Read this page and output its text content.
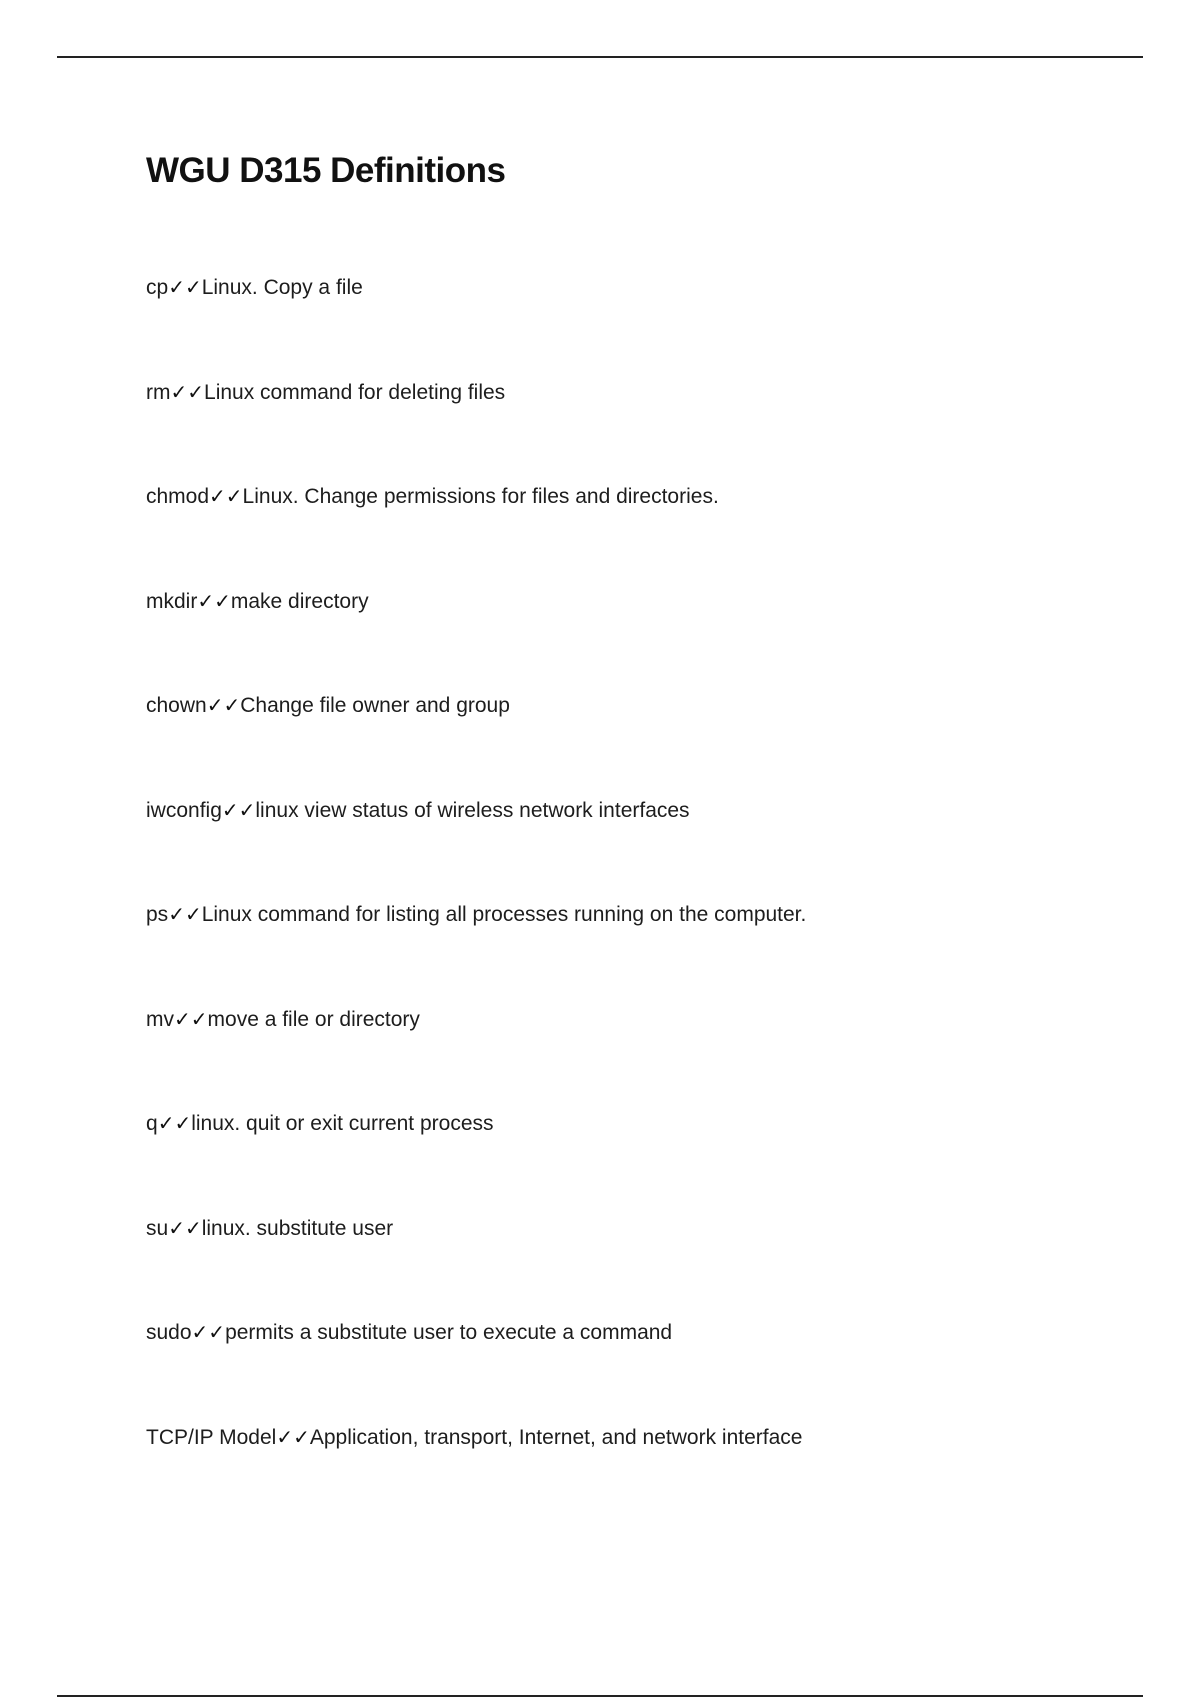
WGU D315 Definitions
cp✓✓Linux. Copy a file
rm✓✓Linux command for deleting files
chmod✓✓Linux. Change permissions for files and directories.
mkdir✓✓make directory
chown✓✓Change file owner and group
iwconfig✓✓linux view status of wireless network interfaces
ps✓✓Linux command for listing all processes running on the computer.
mv✓✓move a file or directory
q✓✓linux. quit or exit current process
su✓✓linux. substitute user
sudo✓✓permits a substitute user to execute a command
TCP/IP Model✓✓Application, transport, Internet, and network interface
